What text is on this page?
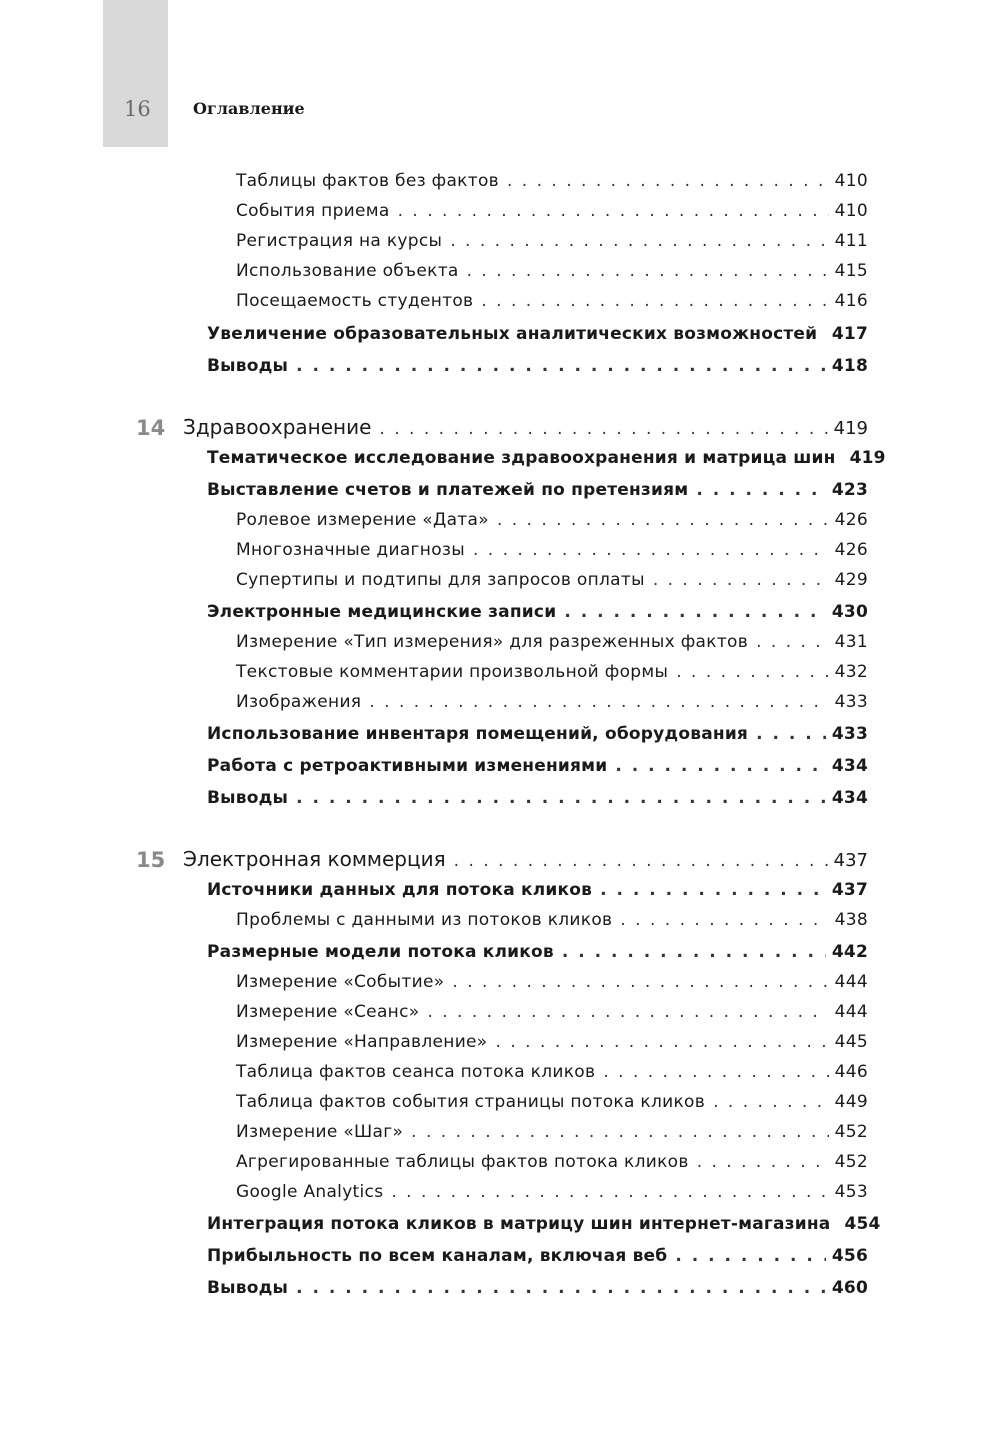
16	Оглавление
Таблицы фактов без фактов . . .	410
События приема . . .	410
Регистрация на курсы . . .	411
Использование объекта . . .	415
Посещаемость студентов . . .	416
Увеличение образовательных аналитических возможностей . . . 417
Выводы . . .	418
14 Здравоохранение . . .	419
Тематическое исследование здравоохранения и матрица шин 419
Выставление счетов и платежей по претензиям . . .	423
Ролевое измерение «Дата» . . .	426
Многозначные диагнозы . . .	426
Супертипы и подтипы для запросов оплаты . . .	429
Электронные медицинские записи . . .	430
Измерение «Тип измерения» для разреженных фактов . . .	431
Текстовые комментарии произвольной формы . . .	432
Изображения . . .	433
Использование инвентаря помещений, оборудования . . .	433
Работа с ретроактивными изменениями . . .	434
Выводы . . .	434
15 Электронная коммерция . . .	437
Источники данных для потока кликов . . .	437
Проблемы с данными из потоков кликов . . .	438
Размерные модели потока кликов . . .	442
Измерение «Событие» . . .	444
Измерение «Сеанс» . . .	444
Измерение «Направление» . . .	445
Таблица фактов сеанса потока кликов . . .	446
Таблица фактов события страницы потока кликов . . .	449
Измерение «Шаг» . . .	452
Агрегированные таблицы фактов потока кликов . . .	452
Google Analytics . . .	453
Интеграция потока кликов в матрицу шин интернет-магазина 454
Прибыльность по всем каналам, включая веб . . .	456
Выводы . . .	460
